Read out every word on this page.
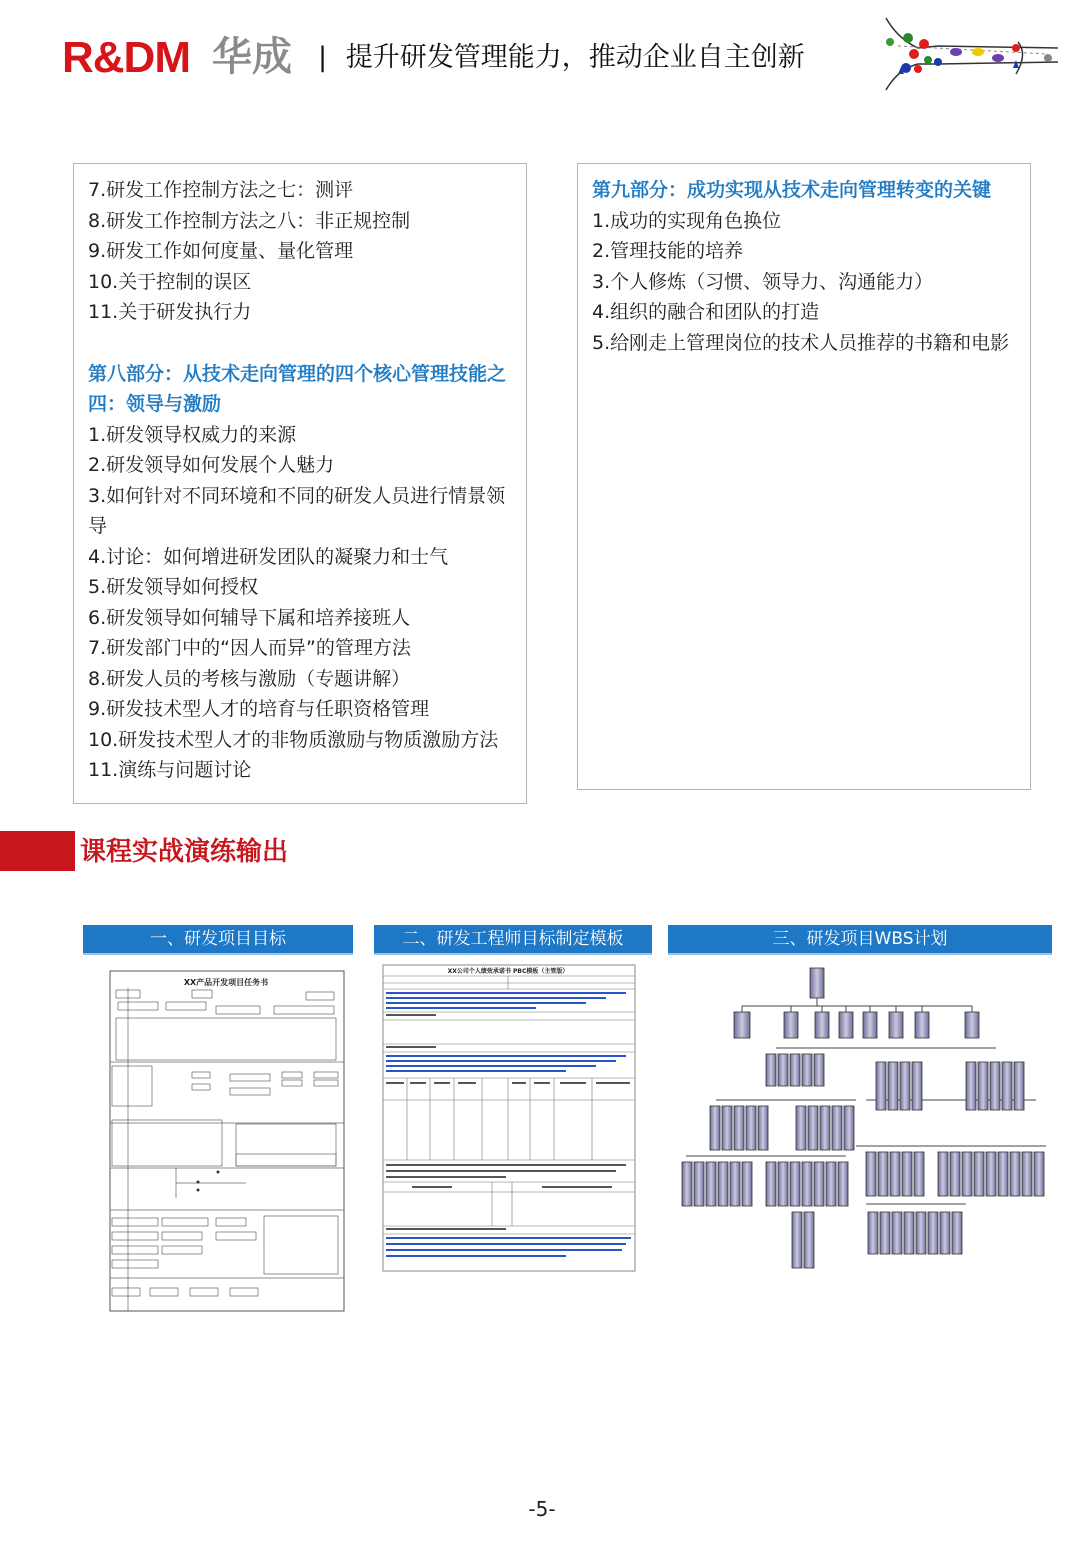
R&DM 华成 | 提升研发管理能力，推动企业自主创新
7.研发工作控制方法之七：测评
8.研发工作控制方法之八：非正规控制
9.研发工作如何度量、量化管理
10.关于控制的误区
11.关于研发执行力
第八部分：从技术走向管理的四个核心管理技能之
四：领导与激励
1.研发领导权威力的来源
2.研发领导如何发展个人魅力
3.如何针对不同环境和不同的研发人员进行情景领
导
4.讨论：如何增进研发团队的凝聚力和士气
5.研发领导如何授权
6.研发领导如何辅导下属和培养接班人
7.研发部门中的“因人而异”的管理方法
8.研发人员的考核与激励（专题讲解）
9.研发技术型人才的培育与任职资格管理
10.研发技术型人才的非物质激励与物质激励方法
11.演练与问题讨论
第九部分：成功实现从技术走向管理转变的关键
1.成功的实现角色换位
2.管理技能的培养
3.个人修炼（习惯、领导力、沟通能力）
4.组织的融合和团队的打造
5.给刚走上管理岗位的技术人员推荐的书籍和电影
课程实战演练输出
一、研发项目目标	二、研发工程师目标制定模板	三、研发项目WBS计划
XX产品开发项目任务书
XX公司个人绩效承诺书 PBC模板（主管版）
-5-
